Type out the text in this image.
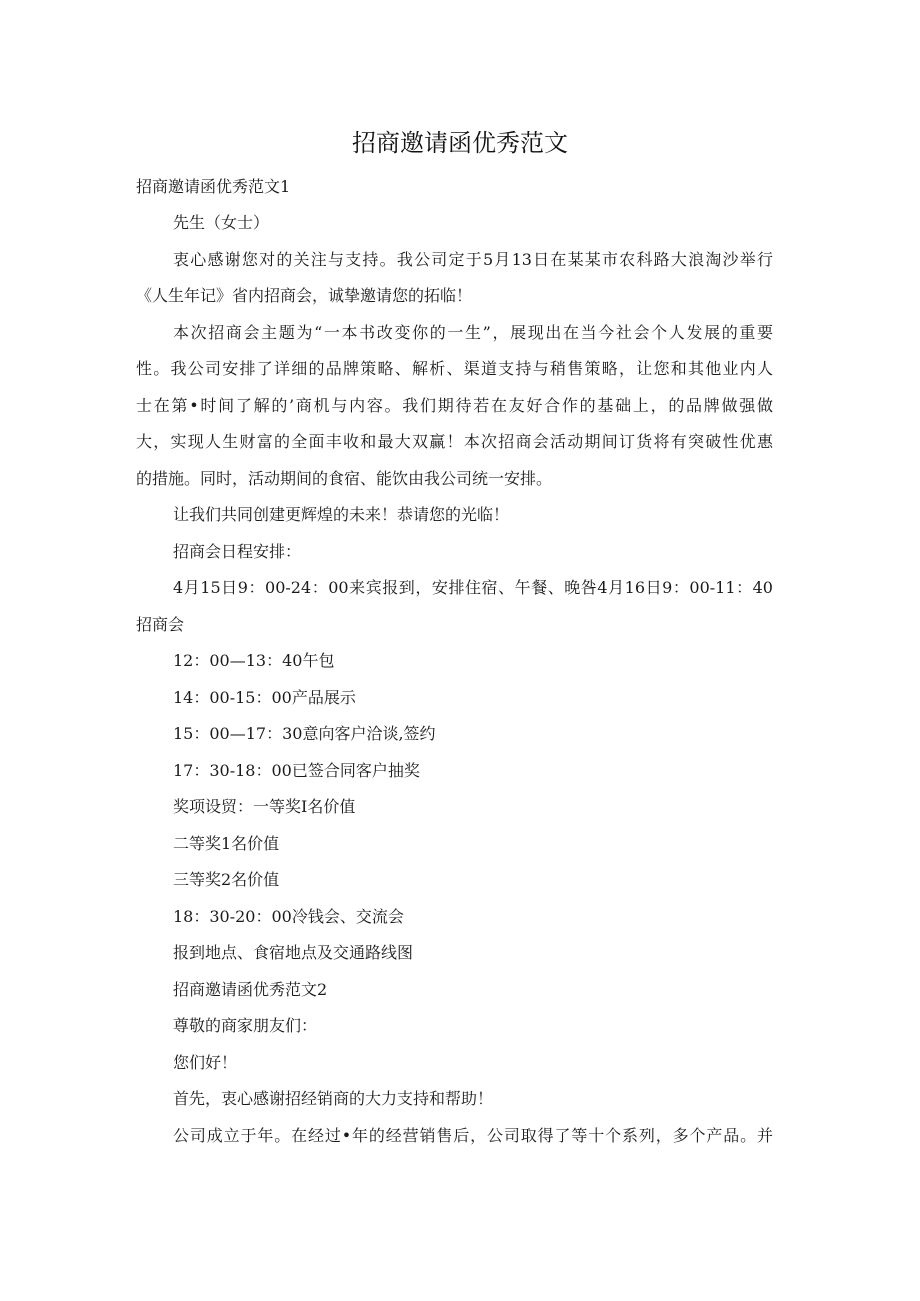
招商邀请函优秀范文
招商邀请函优秀范文1
先生（女士）
衷心感谢您对的关注与支持。我公司定于5月13日在某某市农科路大浪淘沙举行
《人生年记》省内招商会，诚挚邀请您的拓临！
本次招商会主题为“一本书改变你的一生”，展现出在当今社会个人发展的重要
性。我公司安排了详细的品牌策略、解析、渠道支持与稍售策略，让您和其他业内人
士在第•时间了解的’商机与内容。我们期待若在友好合作的基础上，的品牌做强做
大，实现人生财富的全面丰收和最大双赢！本次招商会活动期间订货将有突破性优惠
的措施。同时，活动期间的食宿、能饮由我公司统一安排。
让我们共同创建更辉煌的未来！恭请您的光临！
招商会日程安排：
4月15日9：00-24：00来宾报到，安排住宿、午餐、晚咎4月16日9：00-11：40
招商会
12：00—13：40午包
14：00-15：00产品展示
15：00—17：30意向客户洽谈,签约
17：30-18：00已签合同客户抽奖
奖项设贸：一等奖I名价值
二等奖1名价值
三等奖2名价值
18：30-20：00冷钱会、交流会
报到地点、食宿地点及交通路线图
招商邀请函优秀范文2
尊敬的商家朋友们：
您们好！
首先，衷心感谢招经销商的大力支持和帮助！
公司成立于年。在经过•年的经营销售后，公司取得了等十个系列，多个产品。并
